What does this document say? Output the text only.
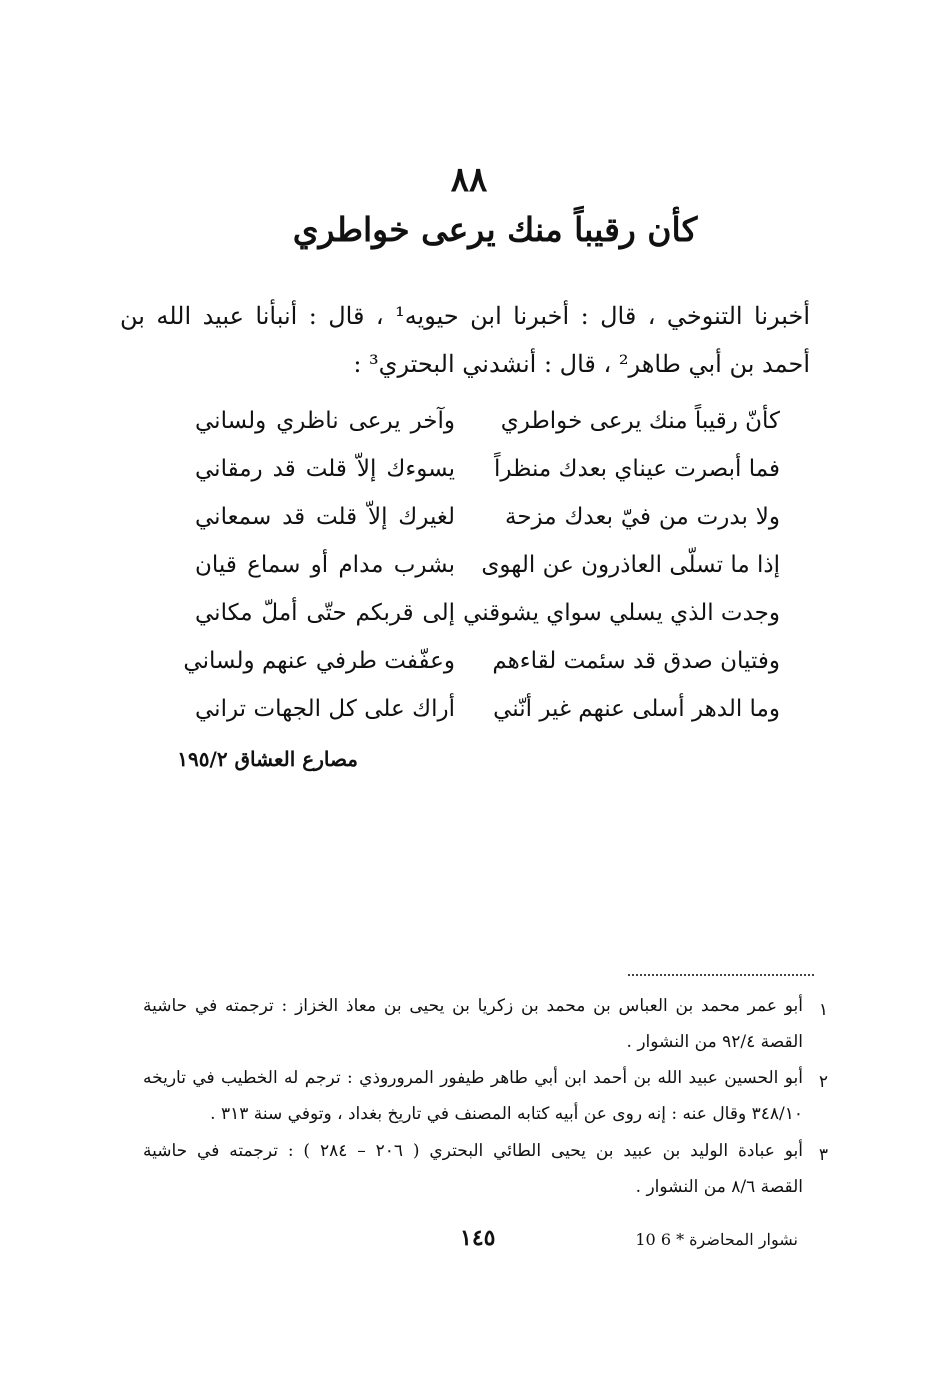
٨٨
كأن رقيباً منك يرعى خواطري
أخبرنا التنوخي ، قال : أخبرنا ابن حيويه¹ ، قال : أنبأنا عبيد الله بن
أحمد بن أبي طاهر² ، قال : أنشدني البحتري³ :
كأنّ رقيباً منك يرعى خواطري
وآخر يرعى ناظري ولساني
فما أبصرت عيناي بعدك منظراً
يسوءك إلاّ قلت قد رمقاني
ولا بدرت من فيّ بعدك مزحة
لغيرك إلاّ قلت قد سمعاني
إذا ما تسلّى العاذرون عن الهوى
بشرب مدام أو سماع قيان
وجدت الذي يسلي سواي يشوقني
إلى قربكم حتّى أملّ مكاني
وفتيان صدق قد سئمت لقاءهم
وعفّفت طرفي عنهم ولساني
وما الدهر أسلى عنهم غير أنّني
أراك على كل الجهات تراني
مصارع العشاق ١٩٥/٢
١
أبو عمر محمد بن العباس بن محمد بن زكريا بن يحيى بن معاذ الخزاز : ترجمته في حاشية
القصة ٩٢/٤ من النشوار .
٢
أبو الحسين عبيد الله بن أحمد ابن أبي طاهر طيفور المروروذي : ترجم له الخطيب في تاريخه
٣٤٨/١٠ وقال عنه : إنه روى عن أبيه كتابه المصنف في تاريخ بغداد ، وتوفي سنة ٣١٣ .
٣
أبو عبادة الوليد بن عبيد بن يحيى الطائي البحتري ( ٢٠٦ – ٢٨٤ ) : ترجمته في حاشية
القصة ٨/٦ من النشوار .
١٤٥	10 نشوار المحاضرة * 6
